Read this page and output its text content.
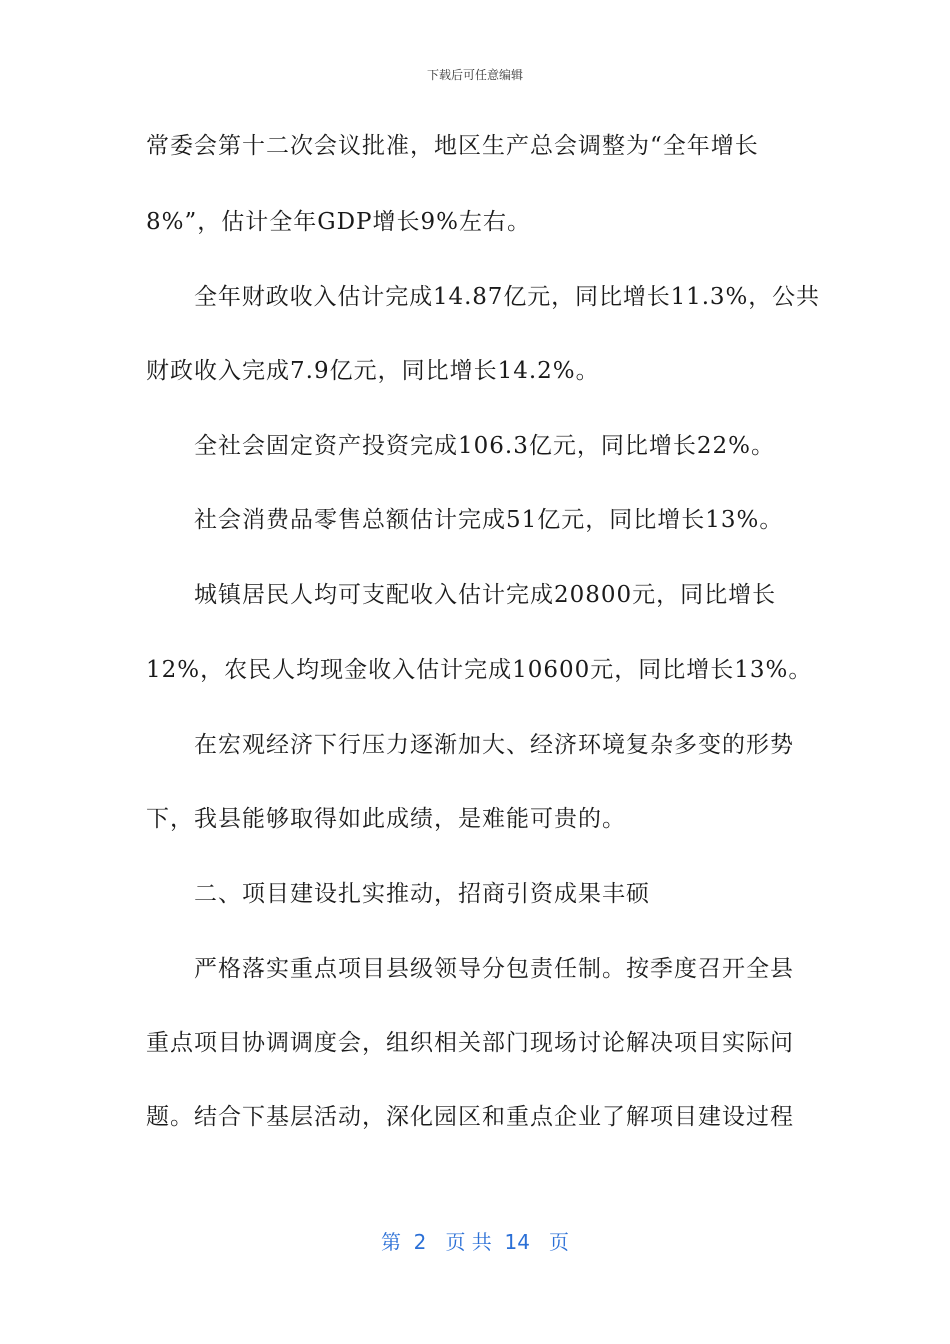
下载后可任意编辑
常委会第十二次会议批准，地区生产总会调整为“全年增长
8%”，估计全年GDP增长9%左右。
全年财政收入估计完成14.87亿元，同比增长11.3%，公共
财政收入完成7.9亿元，同比增长14.2%。
全社会固定资产投资完成106.3亿元，同比增长22%。
社会消费品零售总额估计完成51亿元，同比增长13%。
城镇居民人均可支配收入估计完成20800元，同比增长
12%，农民人均现金收入估计完成10600元，同比增长13%。
在宏观经济下行压力逐渐加大、经济环境复杂多变的形势
下，我县能够取得如此成绩，是难能可贵的。
二、项目建设扎实推动，招商引资成果丰硕
严格落实重点项目县级领导分包责任制。按季度召开全县
重点项目协调调度会，组织相关部门现场讨论解决项目实际问
题。结合下基层活动，深化园区和重点企业了解项目建设过程
第  2   页 共  14   页
